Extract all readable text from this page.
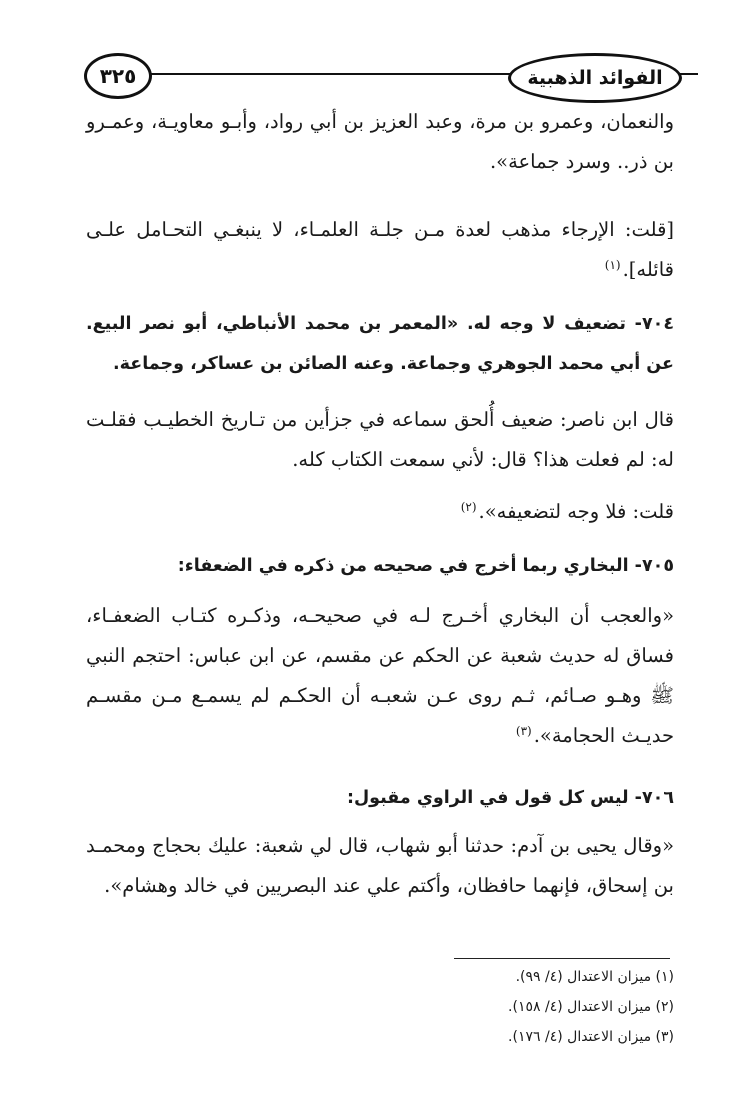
الفوائد الذهبية
٣٢٥
والنعمان، وعمرو بن مرة، وعبد العزيز بن أبي رواد، وأبـو معاويـة، وعمـرو بن ذر.. وسرد جماعة».
[قلت: الإرجاء مذهب لعدة مـن جلـة العلمـاء، لا ينبغـي التحـامل علـى قائله].$^{(١)}$
٧٠٤- تضعيف لا وجه له. «المعمر بن محمد الأنباطي، أبو نصر البيع. عن أبي محمد الجوهري وجماعة. وعنه الصائن بن عساكر، وجماعة.
قال ابن ناصر: ضعيف أُلحق سماعه في جزأين من تـاريخ الخطيـب فقلـت له: لم فعلت هذا؟ قال: لأني سمعت الكتاب كله.
قلت: فلا وجه لتضعيفه».$^{(٢)}$
٧٠٥- البخاري ربما أخرج في صحيحه من ذكره في الضعفاء:
«والعجب أن البخاري أخـرج لـه في صحيحـه، وذكـره كتـاب الضعفـاء، فساق له حديث شعبة عن الحكم عن مقسم، عن ابن عباس: احتجم النبي ﷺ وهـو صـائم، ثـم روى عـن شعبـه أن الحكـم لم يسمـع مـن مقسـم حديـث الحجامة».$^{(٣)}$
٧٠٦- ليس كل قول في الراوي مقبول:
«وقال يحيى بن آدم: حدثنا أبو شهاب، قال لي شعبة: عليك بحجاج ومحمـد بن إسحاق، فإنهما حافظان، وأكتم علي عند البصريين في خالد وهشام».
(١) ميزان الاعتدال (٤/ ٩٩).
(٢) ميزان الاعتدال (٤/ ١٥٨).
(٣) ميزان الاعتدال (٤/ ١٧٦).
